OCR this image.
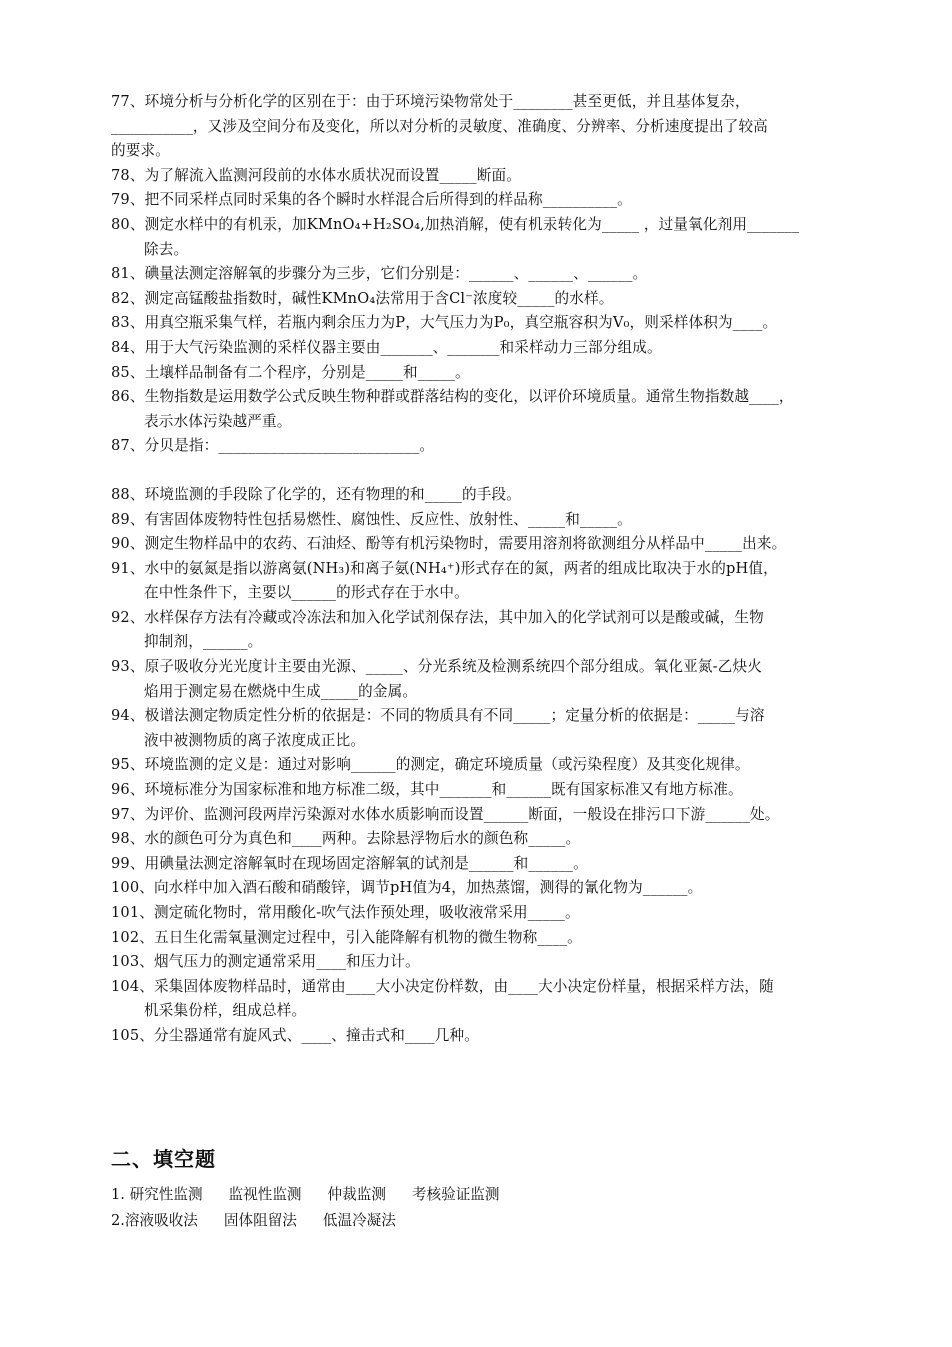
77、环境分析与分析化学的区别在于：由于环境污染物常处于________甚至更低，并且基体复杂，
___________，又涉及空间分布及变化，所以对分析的灵敏度、准确度、分辨率、分析速度提出了较高
的要求。
78、为了解流入监测河段前的水体水质状况而设置_____断面。
79、把不同采样点同时采集的各个瞬时水样混合后所得到的样品称__________。
80、测定水样中的有机汞，加KMnO₄+H₂SO₄,加热消解，使有机汞转化为_____ ，过量氧化剂用_______
除去。
81、碘量法测定溶解氧的步骤分为三步，它们分别是：______、______、______。
82、测定高锰酸盐指数时，碱性KMnO₄法常用于含Cl⁻浓度较_____的水样。
83、用真空瓶采集气样，若瓶内剩余压力为P，大气压力为P₀，真空瓶容积为V₀，则采样体积为____。
84、用于大气污染监测的采样仪器主要由_______、_______和采样动力三部分组成。
85、土壤样品制备有二个程序，分别是_____和_____。
86、生物指数是运用数学公式反映生物种群或群落结构的变化，以评价环境质量。通常生物指数越____，
表示水体污染越严重。
87、分贝是指：___________________________。
88、环境监测的手段除了化学的，还有物理的和_____的手段。
89、有害固体废物特性包括易燃性、腐蚀性、反应性、放射性、_____和_____。
90、测定生物样品中的农药、石油烃、酚等有机污染物时，需要用溶剂将欲测组分从样品中_____出来。
91、水中的氨氮是指以游离氨(NH₃)和离子氨(NH₄⁺)形式存在的氮，两者的组成比取决于水的pH值，
在中性条件下，主要以______的形式存在于水中。
92、水样保存方法有冷藏或冷冻法和加入化学试剂保存法，其中加入的化学试剂可以是酸或碱，生物
抑制剂，______。
93、原子吸收分光光度计主要由光源、_____、分光系统及检测系统四个部分组成。氧化亚氮-乙炔火
焰用于测定易在燃烧中生成_____的金属。
94、极谱法测定物质定性分析的依据是：不同的物质具有不同_____；定量分析的依据是：_____与溶
液中被测物质的离子浓度成正比。
95、环境监测的定义是：通过对影响______的测定，确定环境质量（或污染程度）及其变化规律。
96、环境标准分为国家标准和地方标准二级，其中_______和______既有国家标准又有地方标准。
97、为评价、监测河段两岸污染源对水体水质影响而设置______断面，一般设在排污口下游______处。
98、水的颜色可分为真色和____两种。去除悬浮物后水的颜色称_____。
99、用碘量法测定溶解氧时在现场固定溶解氧的试剂是______和______。
100、向水样中加入酒石酸和硝酸锌，调节pH值为4，加热蒸馏，测得的氰化物为______。
101、测定硫化物时，常用酸化-吹气法作预处理，吸收液常采用_____。
102、五日生化需氧量测定过程中，引入能降解有机物的微生物称____。
103、烟气压力的测定通常采用____和压力计。
104、采集固体废物样品时，通常由____大小决定份样数，由____大小决定份样量，根据采样方法，随
机采集份样，组成总样。
105、分尘器通常有旋风式、____、撞击式和____几种。
二、填空题
1. 研究性监测 监视性监测 仲裁监测 考核验证监测
2.溶液吸收法 固体阻留法 低温冷凝法
